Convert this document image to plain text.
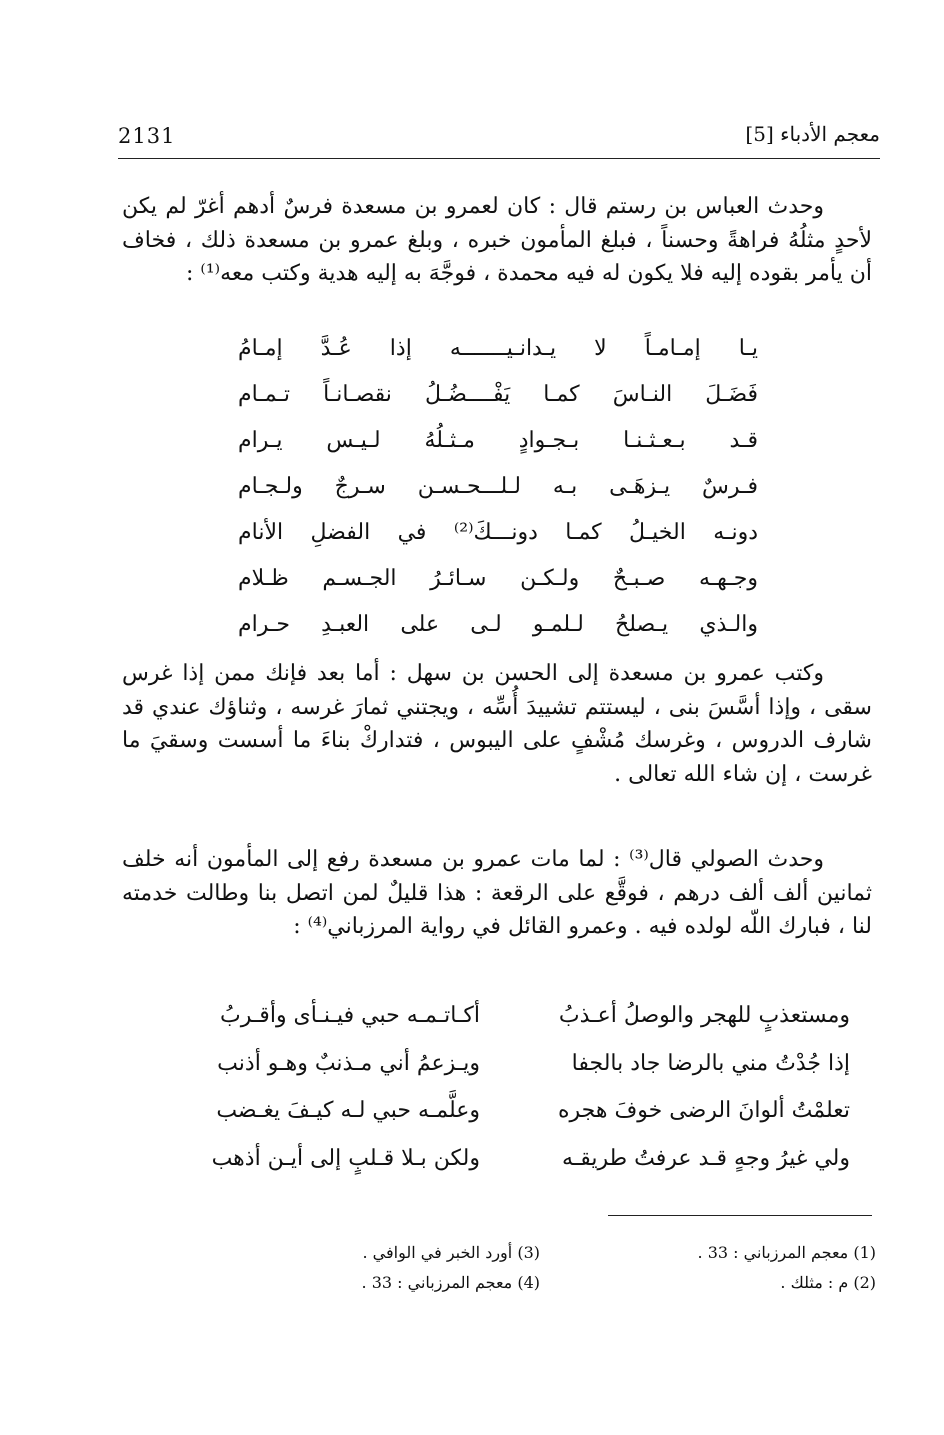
2131	معجم الأدباء [5]

وحدث العباس بن رستم قال : كان لعمرو بن مسعدة فرسٌ أدهم أغرّ لم يكن لأحدٍ مثلُهُ فراهةً وحسناً ، فبلغ المأمون خبره ، وبلغ عمرو بن مسعدة ذلك ، فخاف أن يأمر بقوده إليه فلا يكون له فيه محمدة ، فوجَّهَ به إليه هدية وكتب معه⁽¹⁾ :

يـا إمـامـاً لا يـدانـيـــــــه إذا عُـدَّ إمـامُ
فَضَـلَ النـاسَ كمـا يَفْــــضُـلُ نقصـانـاً تـمـام
قـد بـعـثـنـا بـجـوادٍ مـثـلُهُ لـيـس يـرام
فـرسٌ يـزهَـى بـه لـلـــحـسـن سـرجٌ ولـجـام
دونـه الخيـلُ كمـا دونـــكَ⁽²⁾ في الفضلِ الأنام
وجـهـه صـبـحٌ ولـكـن سـائـرُ الجـسـم ظـلام
والـذي يـصلحُ لـلمـو لـى على العبـدِ حـرام

وكتب عمرو بن مسعدة إلى الحسن بن سهل : أما بعد فإنك ممن إذا غرس سقى ، وإذا أسَّسَ بنى ، ليستتم تشييدَ أُسِّه ، ويجتني ثمارَ غرسه ، وثناؤك عندي قد شارف الدروس ، وغرسك مُشْفٍ على اليبوس ، فتداركْ بناءَ ما أسست وسقيَ ما غرست ، إن شاء الله تعالى .

وحدث الصولي قال⁽³⁾ : لما مات عمرو بن مسعدة رفع إلى المأمون أنه خلف ثمانين ألف ألف درهم ، فوقَّع على الرقعة : هذا قليلٌ لمن اتصل بنا وطالت خدمته لنا ، فبارك اللّه لولده فيه . وعمرو القائل في رواية المرزباني⁽⁴⁾ :

ومستعذبٍ للهجر والوصلُ أعـذبُ
أكـاتـمـه حبي فيـنـأى وأقـربُ
إذا جُدْتُ مني بالرضا جاد بالجفا
ويـزعمُ أني مـذنبٌ وهـو أذنب
تعلمْتُ ألوانَ الرضى خوفَ هجره
وعلَّمـه حبي لـه كيـفَ يغـضب
ولي غيرُ وجهٍ قـد عرفتُ طريقـه
ولكن بـلا قـلبٍ إلى أيـن أذهب
(1) معجم المرزباني : 33 .
(2) م : مثلك .
(3) أورد الخبر في الوافي .
(4) معجم المرزباني : 33 .
